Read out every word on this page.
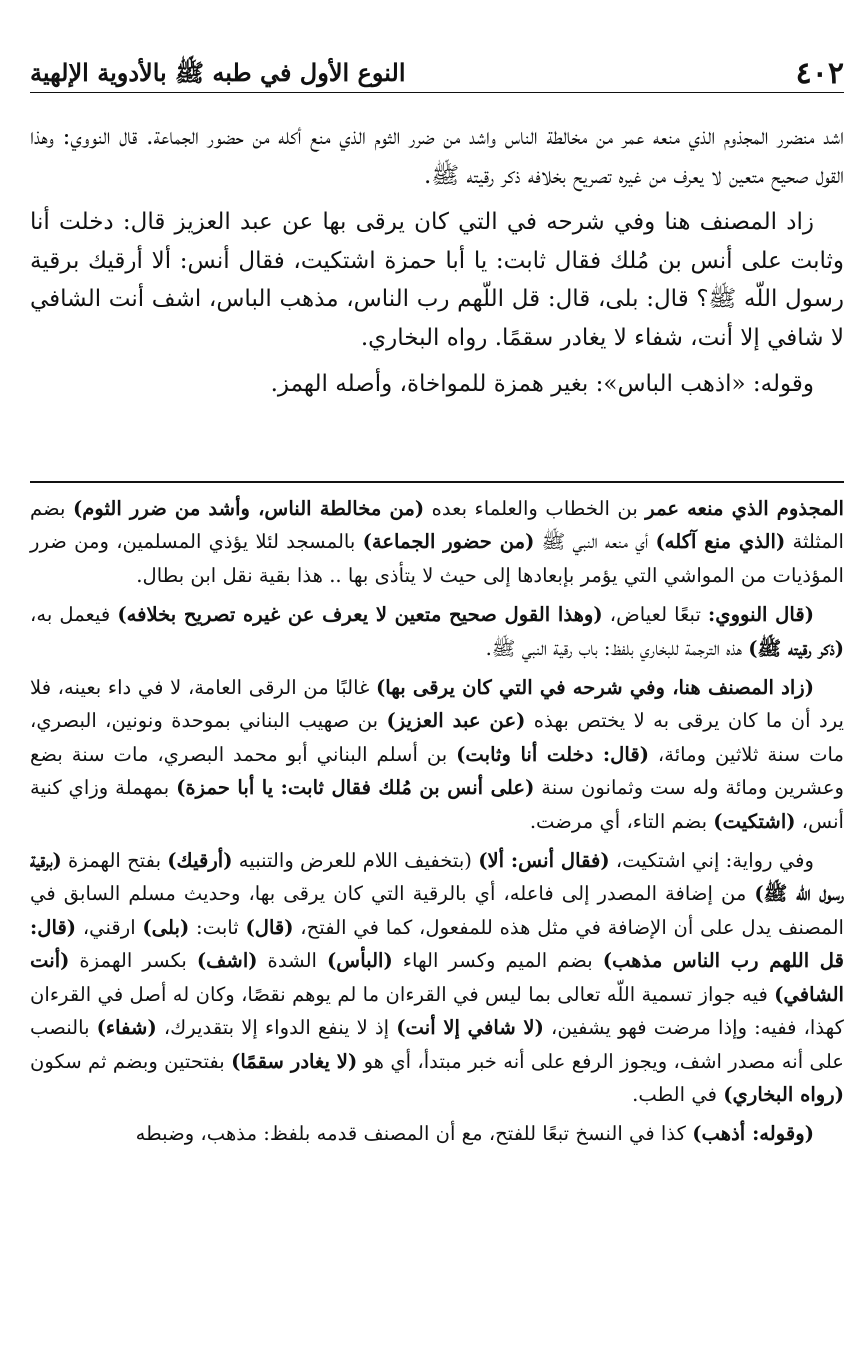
٤٠٢
النوع الأول في طبه ﷺ بالأدوية الإلهية

اشد منضرر المجذوم الذي منعه عمر من مخالطة الناس واشد من ضرر الثوم الذي منع أكله من حضور الجماعة. قال النووي: وهذا القول صحيح متعين لا يعرف من غيره تصريح بخلافه ذكر رقيته ﷺ.

زاد المصنف هنا وفي شرحه في التي كان يرقى بها عن عبد العزيز قال: دخلت أنا وثابت على أنس بن مُلك فقال ثابت: يا أبا حمزة اشتكيت، فقال أنس: ألا أرقيك برقية رسول اللّه ﷺ؟ قال: بلى، قال: قل اللّهم رب الناس، مذهب الباس، اشف أنت الشافي لا شافي إلا أنت، شفاء لا يغادر سقمًا. رواه البخاري.

وقوله: «اذهب الباس»: بغير همزة للمواخاة، وأصله الهمز.

المجذوم الذي منعه عمر بن الخطاب والعلماء بعده (من مخالطة الناس، وأشد من ضرر الثوم) بضم المثلثة (الذي منع آكله) أي منعه النبي ﷺ (من حضور الجماعة) بالمسجد لئلا يؤذي المسلمين، ومن ضرر المؤذيات من المواشي التي يؤمر بإبعادها إلى حيث لا يتأذى بها .. هذا بقية نقل ابن بطال.

(قال النووي: تبعًا لعياض، (وهذا القول صحيح متعين لا يعرف عن غيره تصريح بخلافه) فيعمل به، (ذكر رقيته ﷺ) هذه الترجمة للبخاري بلفظ: باب رقية النبي ﷺ.

(زاد المصنف هنا، وفي شرحه في التي كان يرقى بها) غالبًا من الرقى العامة، لا في داء بعينه، فلا يرد أن ما كان يرقى به لا يختص بهذه (عن عبد العزيز) بن صهيب البناني بموحدة ونونين، البصري، مات سنة ثلاثين ومائة، (قال: دخلت أنا وثابت) بن أسلم البناني أبو محمد البصري، مات سنة بضع وعشرين ومائة وله ست وثمانون سنة (على أنس بن مُلك فقال ثابت: يا أبا حمزة) بمهملة وزاي كنية أنس، (اشتكيت) بضم التاء، أي مرضت.

وفي رواية: إني اشتكيت، (فقال أنس: ألا) (بتخفيف اللام للعرض والتنبيه (أرقيك) بفتح الهمزة (برقية رسول اللّه ﷺ) من إضافة المصدر إلى فاعله، أي بالرقية التي كان يرقى بها، وحديث مسلم السابق في المصنف يدل على أن الإضافة في مثل هذه للمفعول، كما في الفتح، (قال) ثابت: (بلى) ارقني، (قال: قل اللهم رب الناس مذهب) بضم الميم وكسر الهاء (البأس) الشدة (اشف) بكسر الهمزة (أنت الشافي) فيه جواز تسمية اللّه تعالى بما ليس في القرءان ما لم يوهم نقصًا، وكان له أصل في القرءان كهذا، ففيه: وإذا مرضت فهو يشفين، (لا شافي إلا أنت) إذ لا ينفع الدواء إلا بتقديرك، (شفاء) بالنصب على أنه مصدر اشف، ويجوز الرفع على أنه خبر مبتدأ، أي هو (لا يغادر سقمًا) بفتحتين وبضم ثم سكون (رواه البخاري) في الطب.

(وقوله: أذهب) كذا في النسخ تبعًا للفتح، مع أن المصنف قدمه بلفظ: مذهب، وضبطه
